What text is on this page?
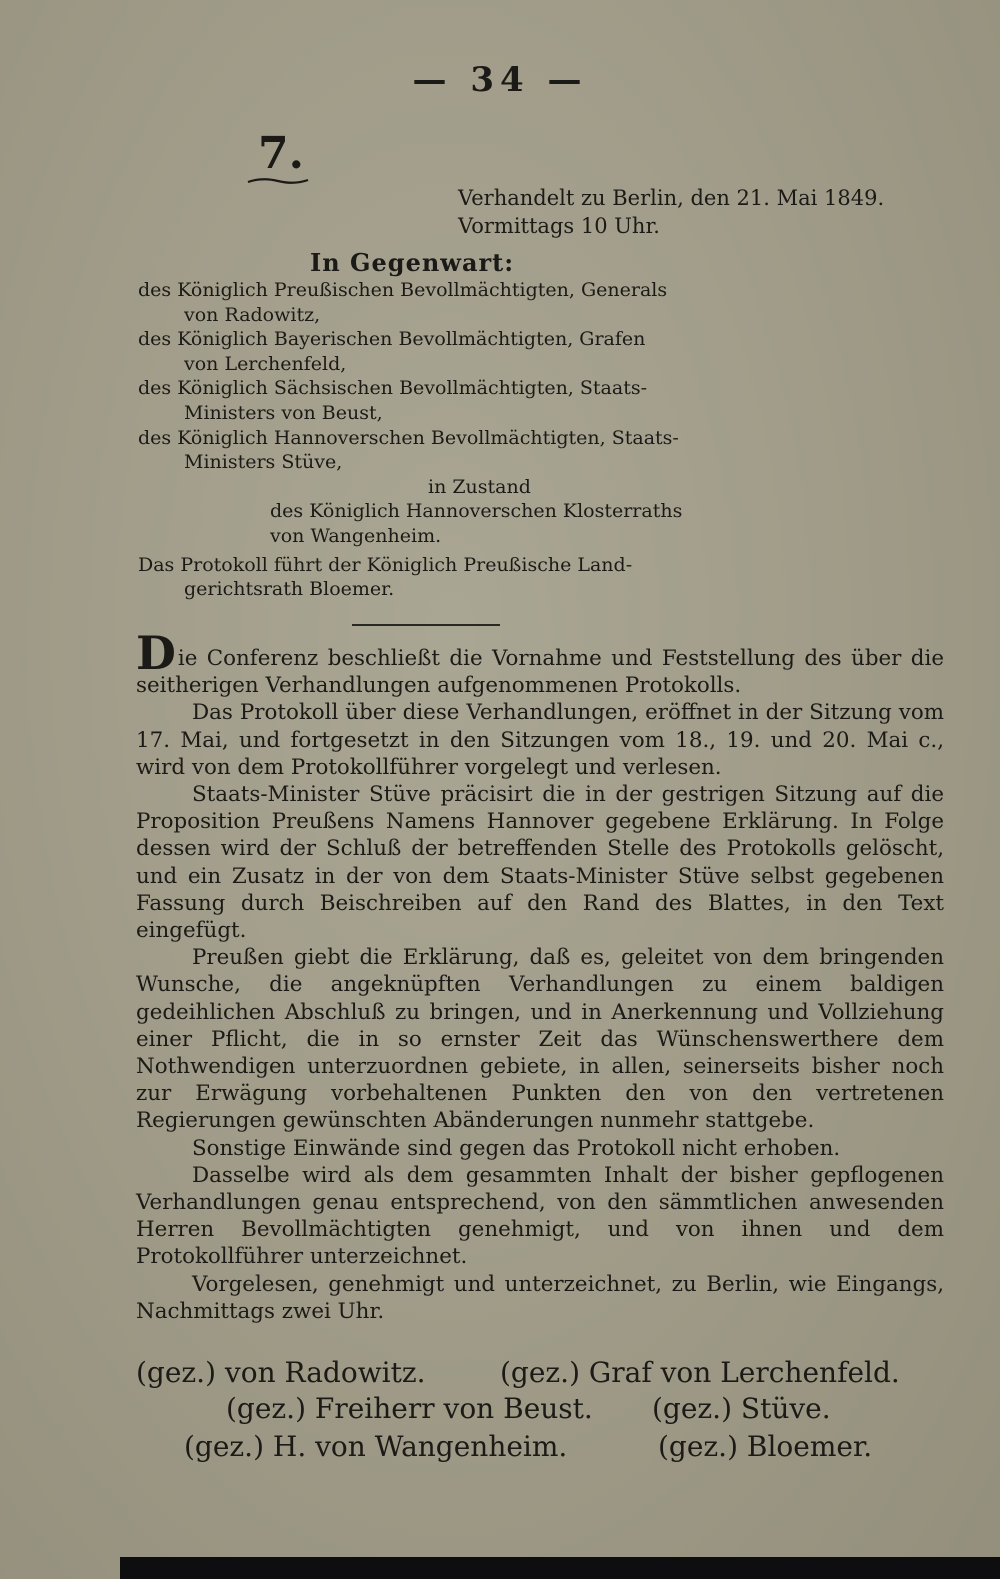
— 34 —
7.
Verhandelt zu Berlin, den 21. Mai 1849.
Vormittags 10 Uhr.
In Gegenwart:
des Königlich Preußischen Bevollmächtigten, Generals
von Radowitz,
des Königlich Bayerischen Bevollmächtigten, Grafen
von Lerchenfeld,
des Königlich Sächsischen Bevollmächtigten, Staats-
Ministers von Beust,
des Königlich Hannoverschen Bevollmächtigten, Staats-
Ministers Stüve,
in Zustand
des Königlich Hannoverschen Klosterraths
von Wangenheim.
Das Protokoll führt der Königlich Preußische Land-
gerichtsrath Bloemer.

Die Conferenz beschließt die Vornahme und Feststellung des über die seitherigen Verhandlungen aufgenommenen Protokolls.

Das Protokoll über diese Verhandlungen, eröffnet in der Sitzung vom 17. Mai, und fortgesetzt in den Sitzungen vom 18., 19. und 20. Mai c., wird von dem Protokollführer vorgelegt und verlesen.

Staats-Minister Stüve präcisirt die in der gestrigen Sitzung auf die Proposition Preußens Namens Hannover gegebene Erklärung. In Folge dessen wird der Schluß der betreffenden Stelle des Protokolls gelöscht, und ein Zusatz in der von dem Staats-Minister Stüve selbst gegebenen Fassung durch Beischreiben auf den Rand des Blattes, in den Text eingefügt.

Preußen giebt die Erklärung, daß es, geleitet von dem bringenden Wunsche, die angeknüpften Verhandlungen zu einem baldigen gedeihlichen Abschluß zu bringen, und in Anerkennung und Vollziehung einer Pflicht, die in so ernster Zeit das Wünschenswerthere dem Nothwendigen unterzuordnen gebiete, in allen, seinerseits bisher noch zur Erwägung vorbehaltenen Punkten den von den vertretenen Regierungen gewünschten Abänderungen nunmehr stattgebe.

Sonstige Einwände sind gegen das Protokoll nicht erhoben.

Dasselbe wird als dem gesammten Inhalt der bisher gepflogenen Verhandlungen genau entsprechend, von den sämmtlichen anwesenden Herren Bevollmächtigten genehmigt, und von ihnen und dem Protokollführer unterzeichnet.

Vorgelesen, genehmigt und unterzeichnet, zu Berlin, wie Eingangs, Nachmittags zwei Uhr.

(gez.) von Radowitz.	(gez.) Graf von Lerchenfeld.
(gez.) Freiherr von Beust. (gez.) Stüve.
(gez.) H. von Wangenheim.	(gez.) Bloemer.
